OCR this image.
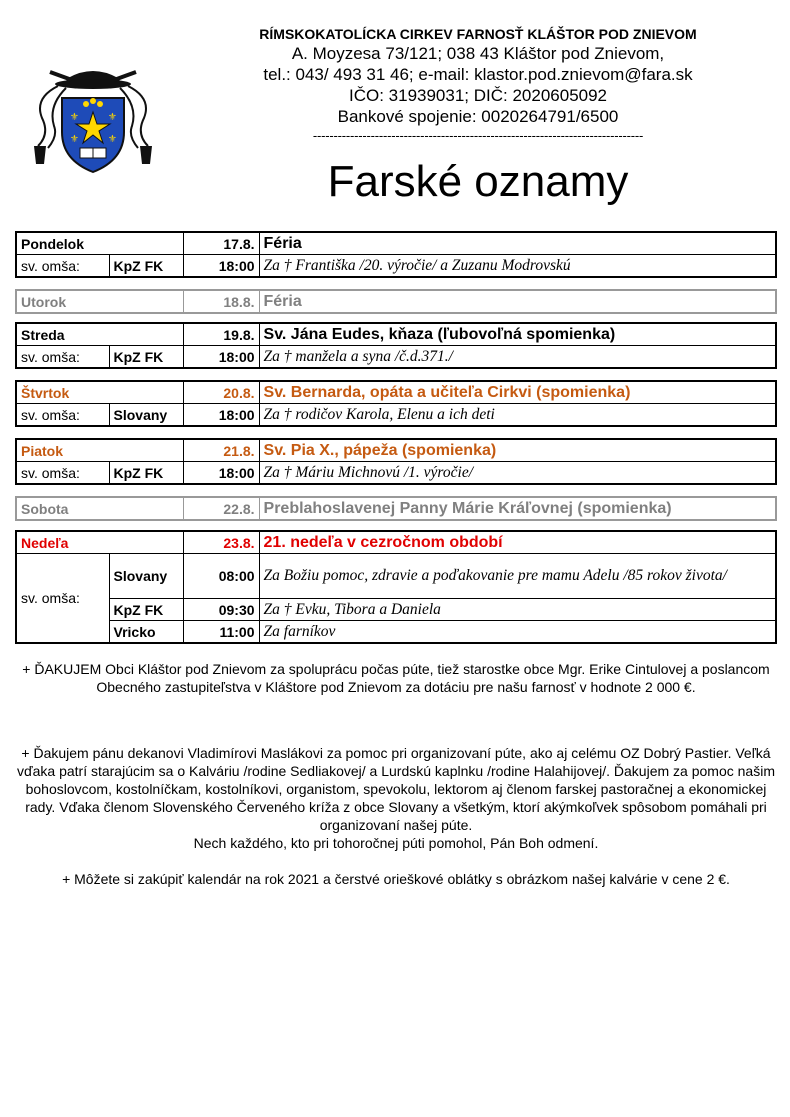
⚜	⚜
⚜	⚜
RÍMSKOKATOLÍCKA CIRKEV FARNOSŤ KLÁŠTOR POD ZNIEVOM
A. Moyzesa 73/121; 038 43 Kláštor pod Znievom,
tel.: 043/ 493 31 46; e-mail: klastor.pod.znievom@fara.sk
IČO: 31939031; DIČ: 2020605092
Bankové spojenie: 0020264791/6500
--------------------------------------------------------------------------------
Farské oznamy
Pondelok		17.8.	Féria
sv. omša:	KpZ FK	18:00	Za † Františka /20. výročie/ a Zuzanu Modrovskú
Utorok	18.8.	Féria
Streda		19.8.	Sv. Jána Eudes, kňaza (ľubovoľná spomienka)
sv. omša:	KpZ FK	18:00	Za † manžela a syna /č.d.371./
Štvrtok		20.8.	Sv. Bernarda, opáta a učiteľa Cirkvi (spomienka)
sv. omša:	Slovany	18:00	Za † rodičov Karola, Elenu a ich deti
Piatok		21.8.	Sv. Pia X., pápeža (spomienka)
sv. omša:	KpZ FK	18:00	Za † Máriu Michnovú /1. výročie/
Sobota	22.8.	Preblahoslavenej Panny Márie Kráľovnej (spomienka)
Nedeľa		23.8.	21. nedeľa v cezročnom období
sv. omša:	Slovany	08:00	Za Božiu pomoc, zdravie a poďakovanie pre mamu Adelu /85 rokov života/
	KpZ FK	09:30	Za † Evku, Tibora a Daniela
	Vricko	11:00	Za farníkov
+ ĎAKUJEM Obci Kláštor pod Znievom za spoluprácu počas púte, tiež starostke obce Mgr. Erike Cintulovej a poslancom Obecného zastupiteľstva v Kláštore pod Znievom za dotáciu pre našu farnosť v hodnote 2 000 €.
+ Ďakujem pánu dekanovi Vladimírovi Maslákovi za pomoc pri organizovaní púte, ako aj celému OZ Dobrý Pastier. Veľká vďaka patrí starajúcim sa o Kalváriu /rodine Sedliakovej/ a Lurdskú kaplnku /rodine Halahijovej/. Ďakujem za pomoc našim bohoslovcom, kostolníčkam, kostolníkovi, organistom, spevokolu, lektorom aj členom farskej pastoračnej a ekonomickej rady. Vďaka členom Slovenského Červeného kríža z obce Slovany a všetkým, ktorí akýmkoľvek spôsobom pomáhali pri organizovaní našej púte.
Nech každého, kto pri tohoročnej púti pomohol, Pán Boh odmení.
+ Môžete si zakúpiť kalendár na rok 2021 a čerstvé orieškové oblátky s obrázkom našej kalvárie v cene 2 €.
